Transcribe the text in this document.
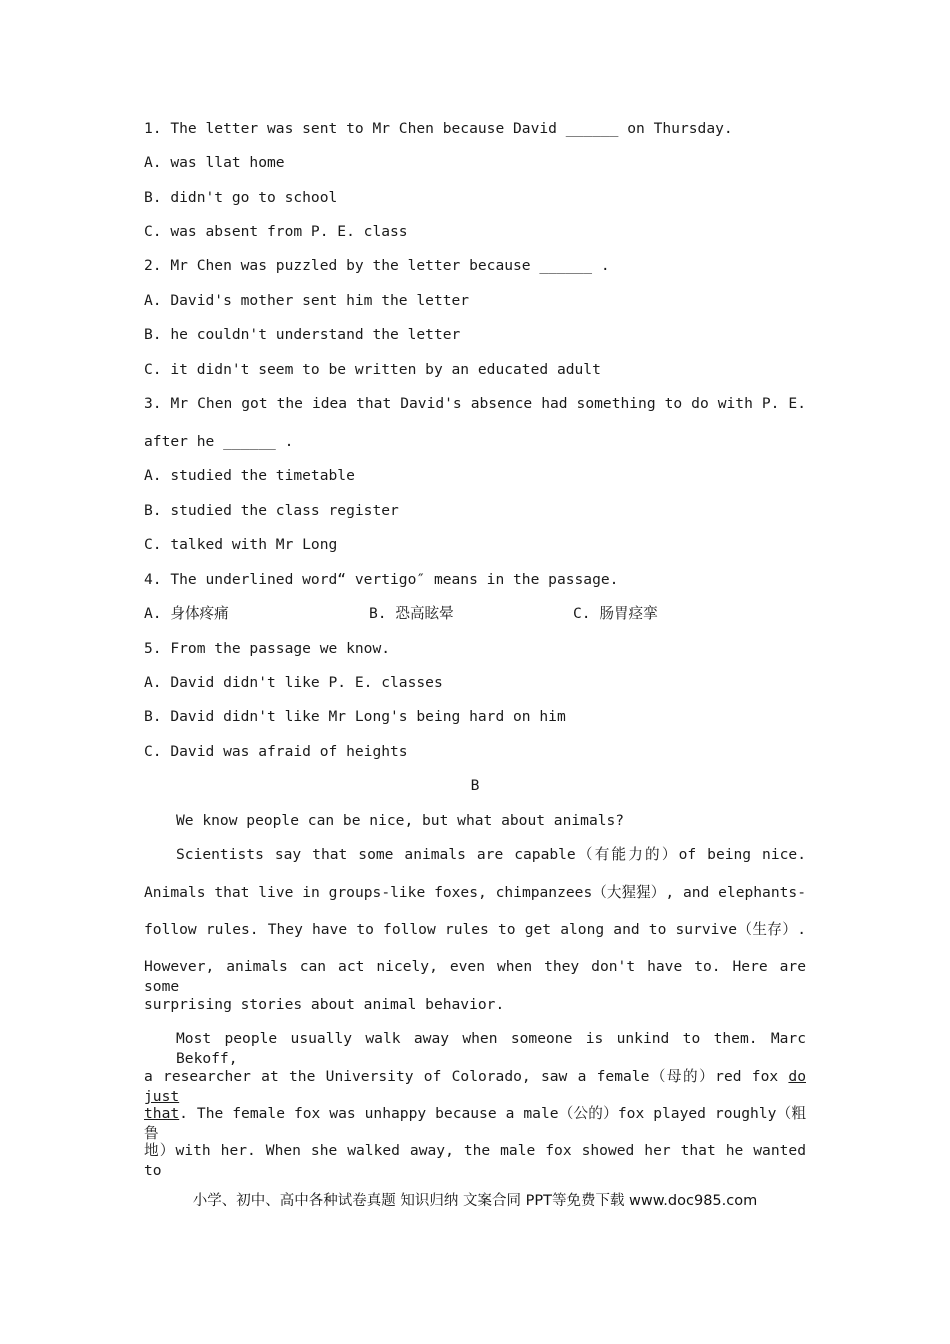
1. The letter was sent to Mr Chen because David ______ on Thursday.

A. was llat home

B. didn't go to school

C. was absent from P. E. class

2. Mr Chen was puzzled by the letter because ______ .

A. David's mother sent him the letter

B. he couldn't understand the letter

C. it didn't seem to be written by an educated adult

3. Mr Chen got the idea that David's absence had something to do with P. E.

after he ______ .

A. studied the timetable

B. studied the class register

C. talked with Mr Long

4. The underlined word“ vertigo″ means in the passage.

A. 身体疼痛	B. 恐高眩晕	C. 肠胃痉挛

5. From the passage we know.

A. David didn't like P. E. classes

B. David didn't like Mr Long's being hard on him

C. David was afraid of heights

B

We know people can be nice, but what about animals?

Scientists say that some animals are capable（有能力的）of being nice.

Animals that live in groups-like foxes, chimpanzees（大猩猩）, and elephants-

follow rules. They have to follow rules to get along and to survive（生存）.

However, animals can act nicely, even when they don't have to. Here are some

surprising stories about animal behavior.

Most people usually walk away when someone is unkind to them. Marc Bekoff,

a researcher at the University of Colorado, saw a female（母的）red fox do just

that. The female fox was unhappy because a male（公的）fox played roughly（粗鲁

地）with her. When she walked away, the male fox showed her that he wanted to

小学、初中、高中各种试卷真题 知识归纳 文案合同 PPT等免费下载 www.doc985.com
